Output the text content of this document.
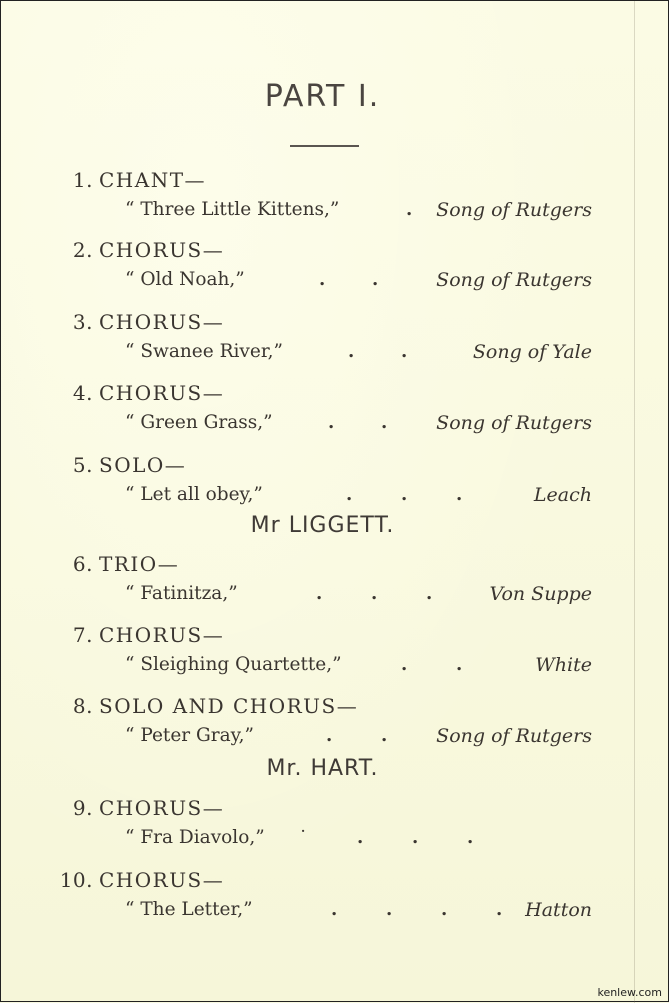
PART I.
1. CHANT—
“ Three Little Kittens,”	. Song of Rutgers
2. CHORUS—
“ Old Noah,”	.	.	Song of Rutgers
3. CHORUS—
“ Swanee River,”	.	.	Song of Yale
4. CHORUS—
“ Green Grass,”	.	.	Song of Rutgers
5. SOLO—
“ Let all obey,”	.	.	.	Leach
Mr LIGGETT.
6. TRIO—
“ Fatinitza,”	.	.	.	Von Suppe
7. CHORUS—
“ Sleighing Quartette,”	.	.	White
8. SOLO AND CHORUS—
“ Peter Gray,”	.	.	Song of Rutgers
Mr. HART.
9. CHORUS—
“ Fra Diavolo,”	·	.	.	.
10. CHORUS—
“ The Letter,”	.	.	.	. Hatton
kenlew.com
